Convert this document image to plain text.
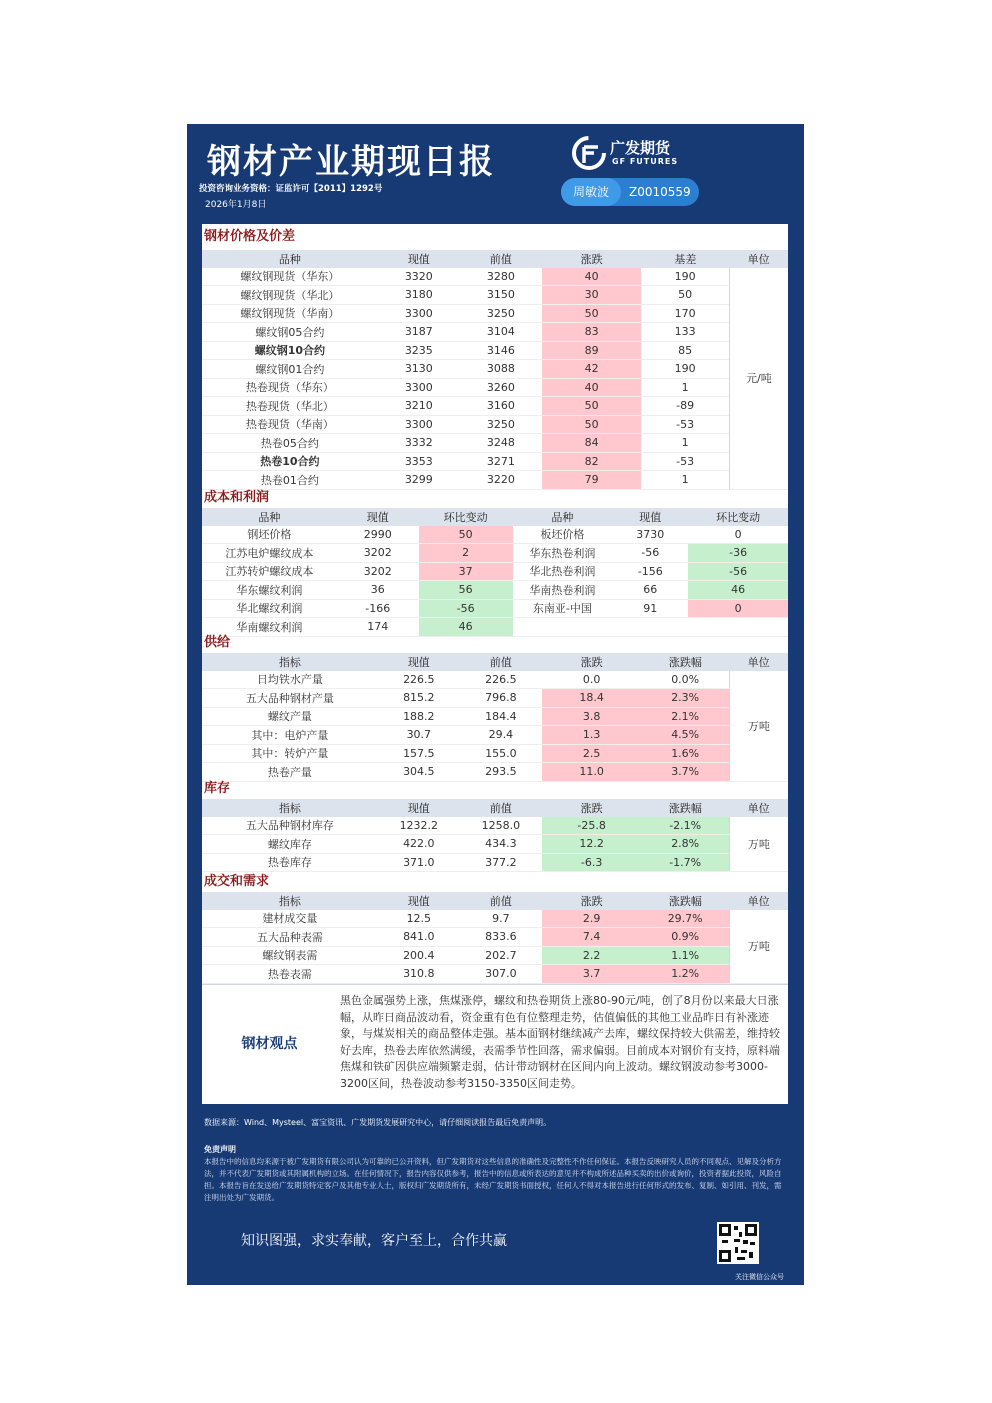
钢材产业期现日报
投资咨询业务资格：证监许可【2011】1292号
2026年1月8日
广发期货
GF FUTURES
周敏波	Z0010559
钢材价格及价差
品种	现值	前值	涨跌	基差	单位
螺纹钢现货（华东）	3320	3280	40	190	元/吨
螺纹钢现货（华北）	3180	3150	30	50	
螺纹钢现货（华南）	3300	3250	50	170	
螺纹钢05合约	3187	3104	83	133	
螺纹钢10合约	3235	3146	89	85	
螺纹钢01合约	3130	3088	42	190	
热卷现货（华东）	3300	3260	40	1	
热卷现货（华北）	3210	3160	50	-89	
热卷现货（华南）	3300	3250	50	-53	
热卷05合约	3332	3248	84	1	
热卷10合约	3353	3271	82	-53	
热卷01合约	3299	3220	79	1	
成本和利润
品种	现值	环比变动	品种	现值	环比变动
钢坯价格	2990	50	板坯价格	3730	0
江苏电炉螺纹成本	3202	2	华东热卷利润	-56	-36
江苏转炉螺纹成本	3202	37	华北热卷利润	-156	-56
华东螺纹利润	36	56	华南热卷利润	66	46
华北螺纹利润	-166	-56	东南亚-中国	91	0
华南螺纹利润	174	46			
供给
指标	现值	前值	涨跌	涨跌幅	单位
日均铁水产量	226.5	226.5	0.0	0.0%	万吨
五大品种钢材产量	815.2	796.8	18.4	2.3%	
螺纹产量	188.2	184.4	3.8	2.1%	
其中：电炉产量	30.7	29.4	1.3	4.5%	
其中：转炉产量	157.5	155.0	2.5	1.6%	
热卷产量	304.5	293.5	11.0	3.7%	
库存
指标	现值	前值	涨跌	涨跌幅	单位
五大品种钢材库存	1232.2	1258.0	-25.8	-2.1%	万吨
螺纹库存	422.0	434.3	12.2	2.8%	
热卷库存	371.0	377.2	-6.3	-1.7%	
成交和需求
指标	现值	前值	涨跌	涨跌幅	单位
建材成交量	12.5	9.7	2.9	29.7%	万吨
五大品种表需	841.0	833.6	7.4	0.9%	
螺纹钢表需	200.4	202.7	2.2	1.1%	
热卷表需	310.8	307.0	3.7	1.2%	
钢材观点
黑色金属强势上涨，焦煤涨停，螺纹和热卷期货上涨80-90元/吨，创了8月份以来最大日涨幅，从昨日商品波动看，资金重有色有位整理走势，估值偏低的其他工业品昨日有补涨迹象，与煤炭相关的商品整体走强。基本面钢材继续减产去库，螺纹保持较大供需差，维持较好去库，热卷去库依然满缓，表需季节性回落，需求偏弱。目前成本对钢价有支持，原料端焦煤和铁矿因供应端频繁走弱，估计带动钢材在区间内向上波动。螺纹钢波动参考3000-3200区间，热卷波动参考3150-3350区间走势。
数据来源：Wind、Mysteel、富宝资讯、广发期货发展研究中心，请仔细阅读报告最后免责声明。
免责声明
本报告中的信息均来源于被广发期货有限公司认为可靠的已公开资料，但广发期货对这些信息的准确性及完整性不作任何保证。本报告反映研究人员的不同观点、见解及分析方法，并不代表广发期货或其附属机构的立场。在任何情况下，报告内容仅供参考，报告中的信息或所表达的意见并不构成所述品种买卖的出价或询价，投资者据此投资，风险自担。本报告旨在发送给广发期货特定客户及其他专业人士，版权归广发期货所有，未经广发期货书面授权，任何人不得对本报告进行任何形式的发布、复制、如引用、刊发，需注明出处为广发期货。
知识图强，求实奉献，客户至上，合作共赢
关注微信公众号
